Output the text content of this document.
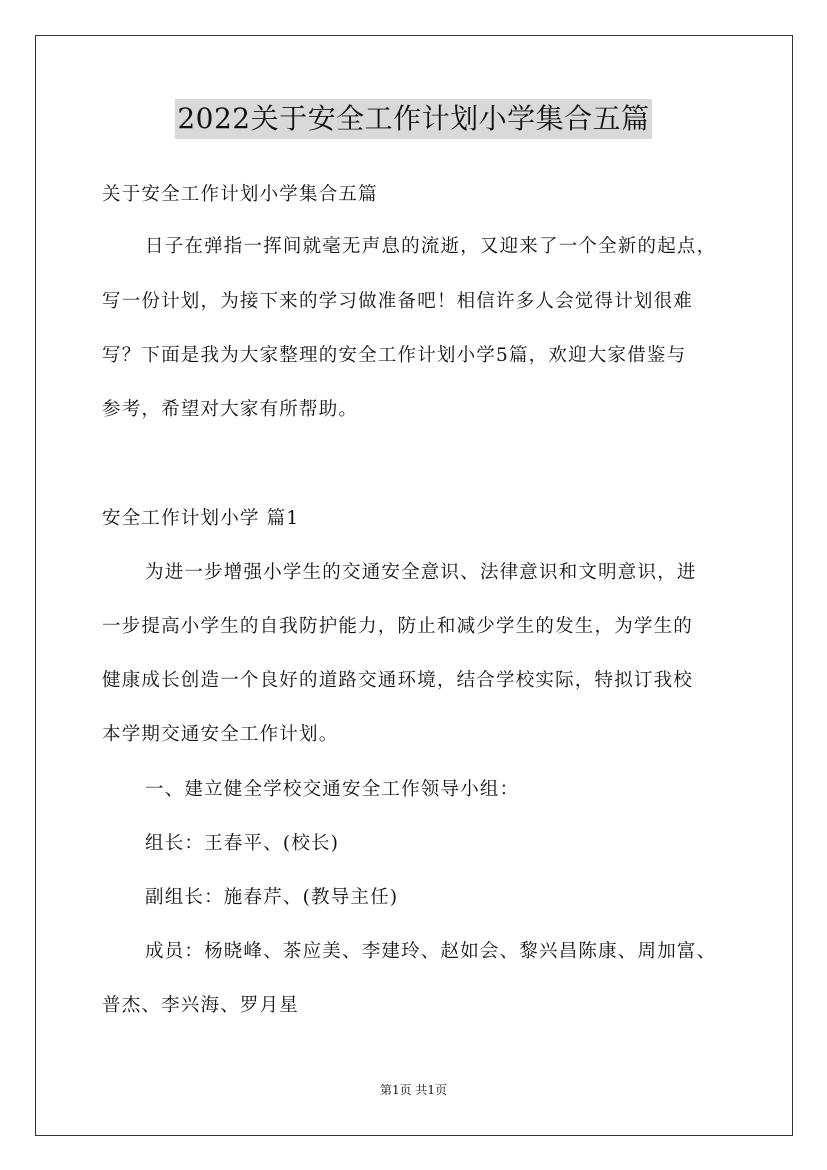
2022关于安全工作计划小学集合五篇
关于安全工作计划小学集合五篇
日子在弹指一挥间就毫无声息的流逝，又迎来了一个全新的起点，
写一份计划，为接下来的学习做准备吧！相信许多人会觉得计划很难
写？下面是我为大家整理的安全工作计划小学5篇，欢迎大家借鉴与
参考，希望对大家有所帮助。
安全工作计划小学 篇1
为进一步增强小学生的交通安全意识、法律意识和文明意识，进
一步提高小学生的自我防护能力，防止和减少学生的发生，为学生的
健康成长创造一个良好的道路交通环境，结合学校实际，特拟订我校
本学期交通安全工作计划。
一、建立健全学校交通安全工作领导小组：
组长：王春平、(校长)
副组长：施春芹、(教导主任)
成员：杨晓峰、茶应美、李建玲、赵如会、黎兴昌陈康、周加富、
普杰、李兴海、罗月星
第1页 共1页
